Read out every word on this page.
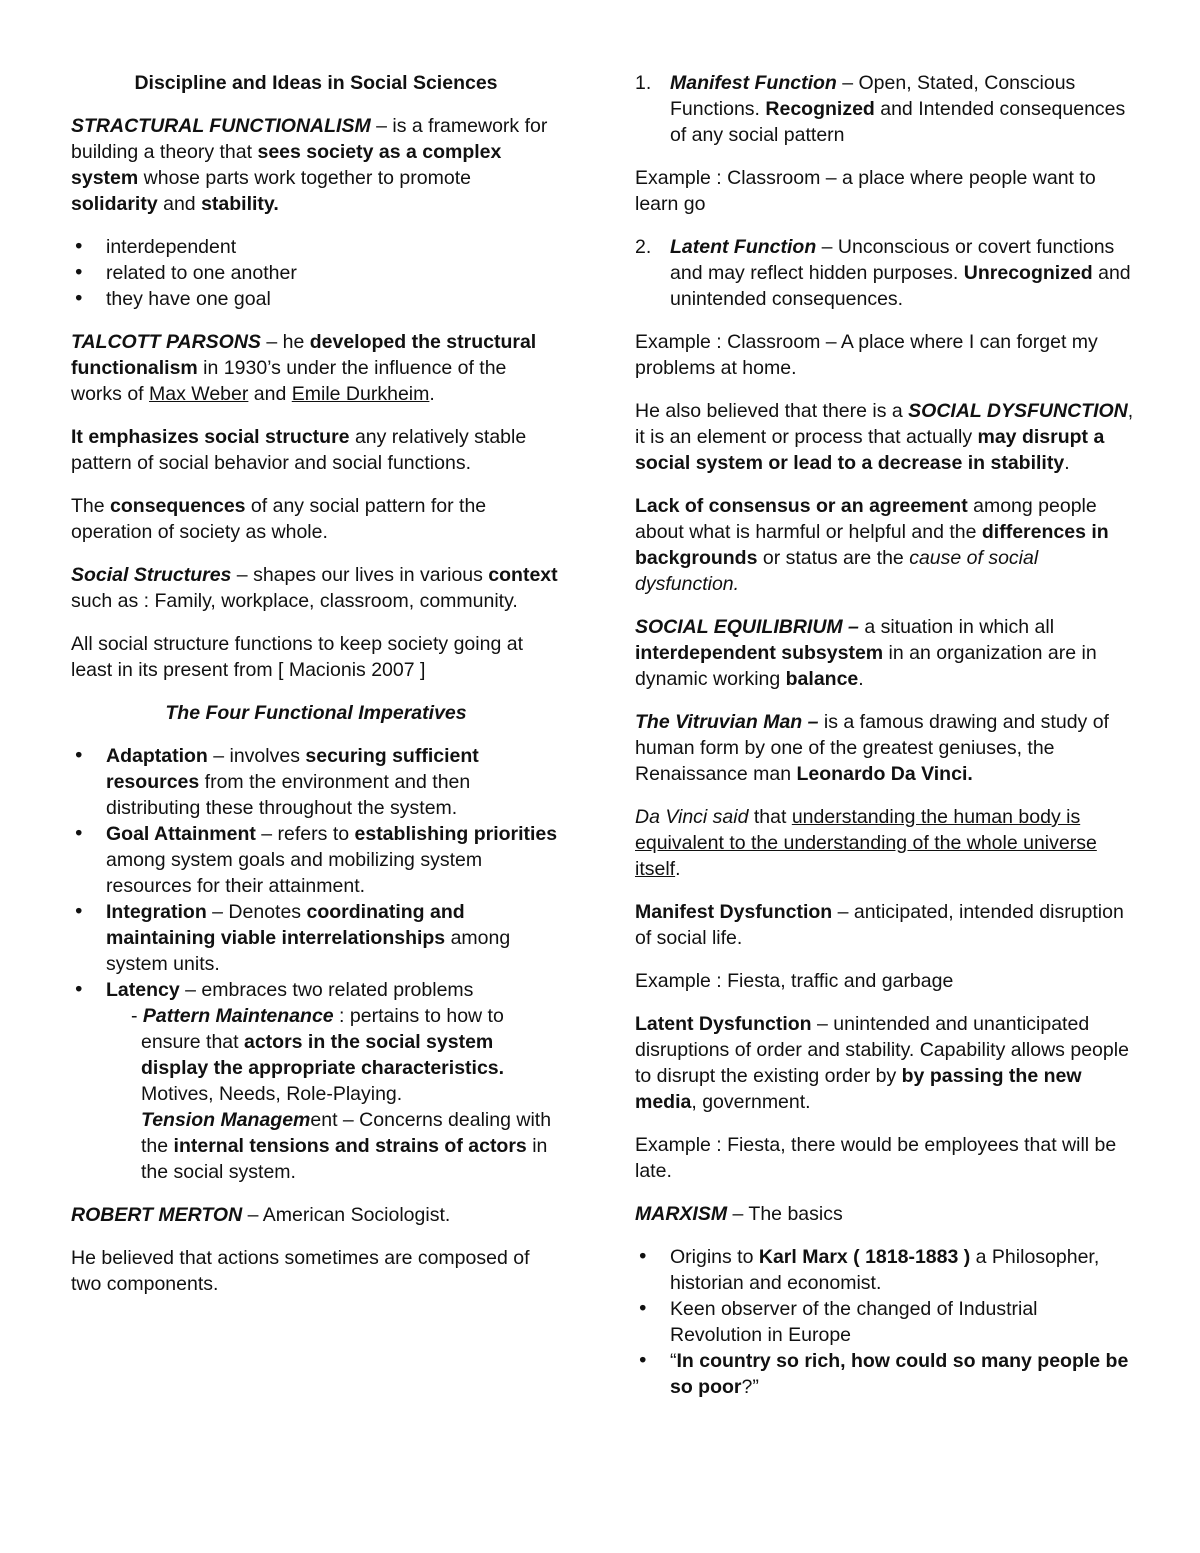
Discipline and Ideas in Social Sciences

STRACTURAL FUNCTIONALISM – is a framework for building a theory that sees society as a complex system whose parts work together to promote solidarity and stability.

• interdependent
• related to one another
• they have one goal

TALCOTT PARSONS – he developed the structural functionalism in 1930’s under the influence of the works of Max Weber and Emile Durkheim.

It emphasizes social structure any relatively stable pattern of social behavior and social functions.

The consequences of any social pattern for the operation of society as whole.

Social Structures – shapes our lives in various context such as : Family, workplace, classroom, community.

All social structure functions to keep society going at least in its present from [ Macionis 2007 ]

The Four Functional Imperatives

• Adaptation – involves securing sufficient resources from the environment and then distributing these throughout the system.
• Goal Attainment – refers to establishing priorities among system goals and mobilizing system resources for their attainment.
• Integration – Denotes coordinating and maintaining viable interrelationships among system units.
• Latency – embraces two related problems
- Pattern Maintenance : pertains to how to ensure that actors in the social system display the appropriate characteristics. Motives, Needs, Role-Playing.
Tension Management – Concerns dealing with the internal tensions and strains of actors in the social system.

ROBERT MERTON – American Sociologist.

He believed that actions sometimes are composed of two components.

1. Manifest Function – Open, Stated, Conscious Functions. Recognized and Intended consequences of any social pattern

Example : Classroom – a place where people want to learn go

2. Latent Function – Unconscious or covert functions and may reflect hidden purposes. Unrecognized and unintended consequences.

Example : Classroom – A place where I can forget my problems at home.

He also believed that there is a SOCIAL DYSFUNCTION, it is an element or process that actually may disrupt a social system or lead to a decrease in stability.

Lack of consensus or an agreement among people about what is harmful or helpful and the differences in backgrounds or status are the cause of social dysfunction.

SOCIAL EQUILIBRIUM – a situation in which all interdependent subsystem in an organization are in dynamic working balance.

The Vitruvian Man – is a famous drawing and study of human form by one of the greatest geniuses, the Renaissance man Leonardo Da Vinci.

Da Vinci said that understanding the human body is equivalent to the understanding of the whole universe itself.

Manifest Dysfunction – anticipated, intended disruption of social life.

Example : Fiesta, traffic and garbage

Latent Dysfunction – unintended and unanticipated disruptions of order and stability. Capability allows people to disrupt the existing order by by passing the new media, government.

Example : Fiesta, there would be employees that will be late.

MARXISM – The basics

• Origins to Karl Marx ( 1818-1883 ) a Philosopher, historian and economist.
• Keen observer of the changed of Industrial Revolution in Europe
• “In country so rich, how could so many people be so poor?”
